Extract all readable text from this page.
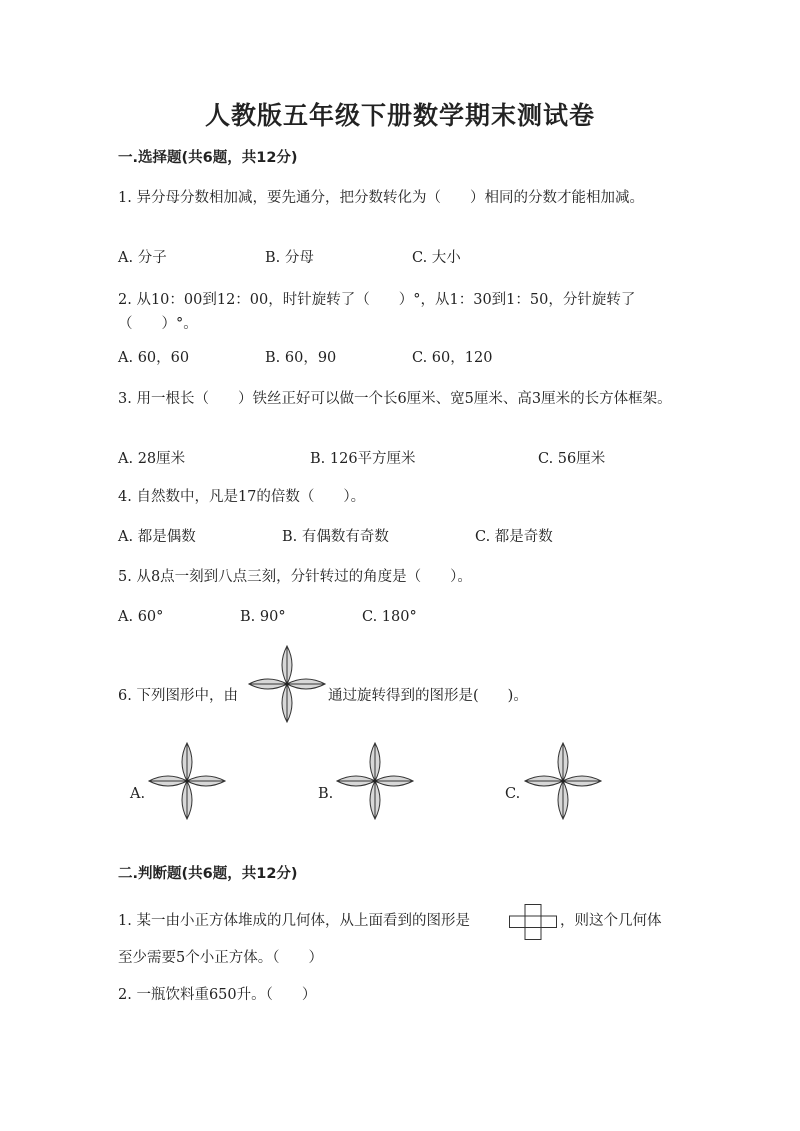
人教版五年级下册数学期末测试卷
一.选择题(共6题，共12分)
1. 异分母分数相加减，要先通分，把分数转化为（　　）相同的分数才能相加减。
A. 分子	B. 分母	C. 大小
2. 从10：00到12：00，时针旋转了（　　）°，从1：30到1：50，分针旋转了（　　）°。
A. 60，60	B. 60，90	C. 60，120
3. 用一根长（　　）铁丝正好可以做一个长6厘米、宽5厘米、高3厘米的长方体框架。
A. 28厘米	B. 126平方厘米	C. 56厘米
4. 自然数中，凡是17的倍数（　　）。
A. 都是偶数	B. 有偶数有奇数	C. 都是奇数
5. 从8点一刻到八点三刻，分针转过的角度是（　　）。
A. 60°	B. 90°	C. 180°
6. 下列图形中，由	通过旋转得到的图形是(　　)。
A.	B.	C.
二.判断题(共6题，共12分)
1. 某一由小正方体堆成的几何体，从上面看到的图形是	，则这个几何体
至少需要5个小正方体。（　　）
2. 一瓶饮料重650升。（　　）
